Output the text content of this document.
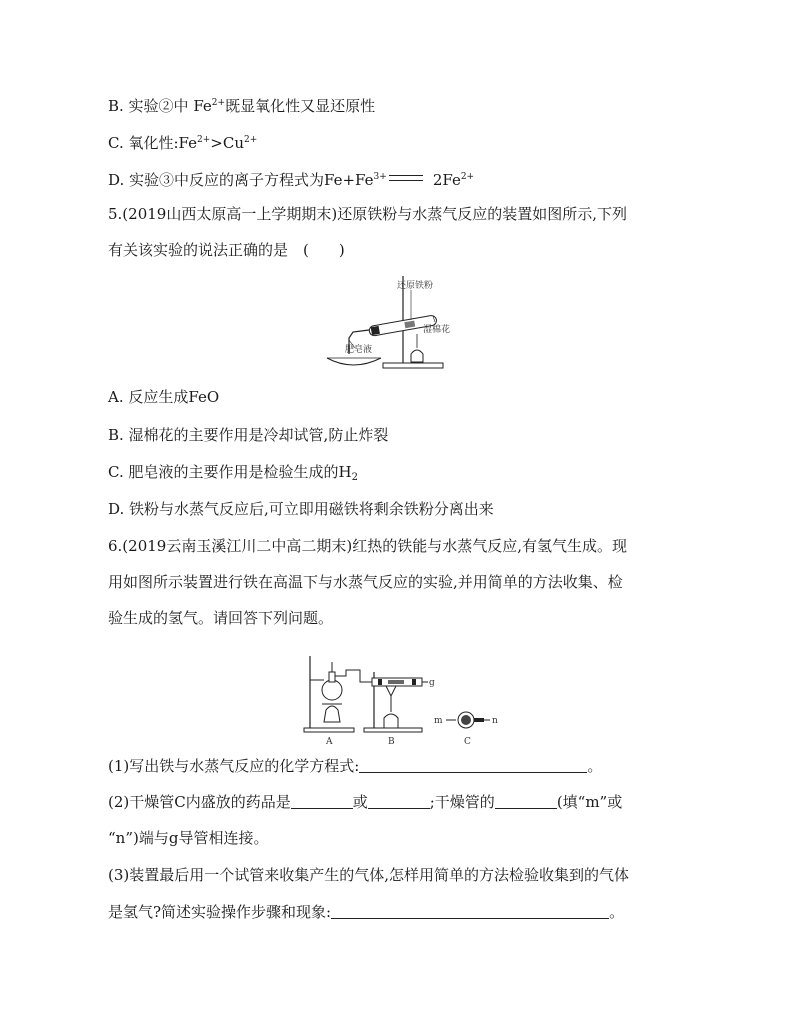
B. 实验②中 $Fe^{2+}$既显氧化性又显还原性
C. 氧化性$:Fe^{2+}>Cu^{2+}$
D. 实验③中反应的离子方程式为$Fe+Fe^{3+}$	$2Fe^{2+}$
5.(2019山西太原高一上学期期末)还原铁粉与水蒸气反应的装置如图所示,下列
有关该实验的说法正确的是　(　　)
还原铁粉
湿棉花
肥皂液
A. 反应生成FeO
B. 湿棉花的主要作用是冷却试管,防止炸裂
C. 肥皂液的主要作用是检验生成的$H_2$
D. 铁粉与水蒸气反应后,可立即用磁铁将剩余铁粉分离出来
6.(2019云南玉溪江川二中高二期末)红热的铁能与水蒸气反应,有氢气生成。现
用如图所示装置进行铁在高温下与水蒸气反应的实验,并用简单的方法收集、检
验生成的氢气。请回答下列问题。
g
m	n
A	B	C
(1)写出铁与水蒸气反应的化学方程式:	。
(2)干燥管C内盛放的药品是	或	;干燥管的	(填“m”或
“n”)端与g导管相连接。
(3)装置最后用一个试管来收集产生的气体,怎样用简单的方法检验收集到的气体
是氢气?简述实验操作步骤和现象:	。
